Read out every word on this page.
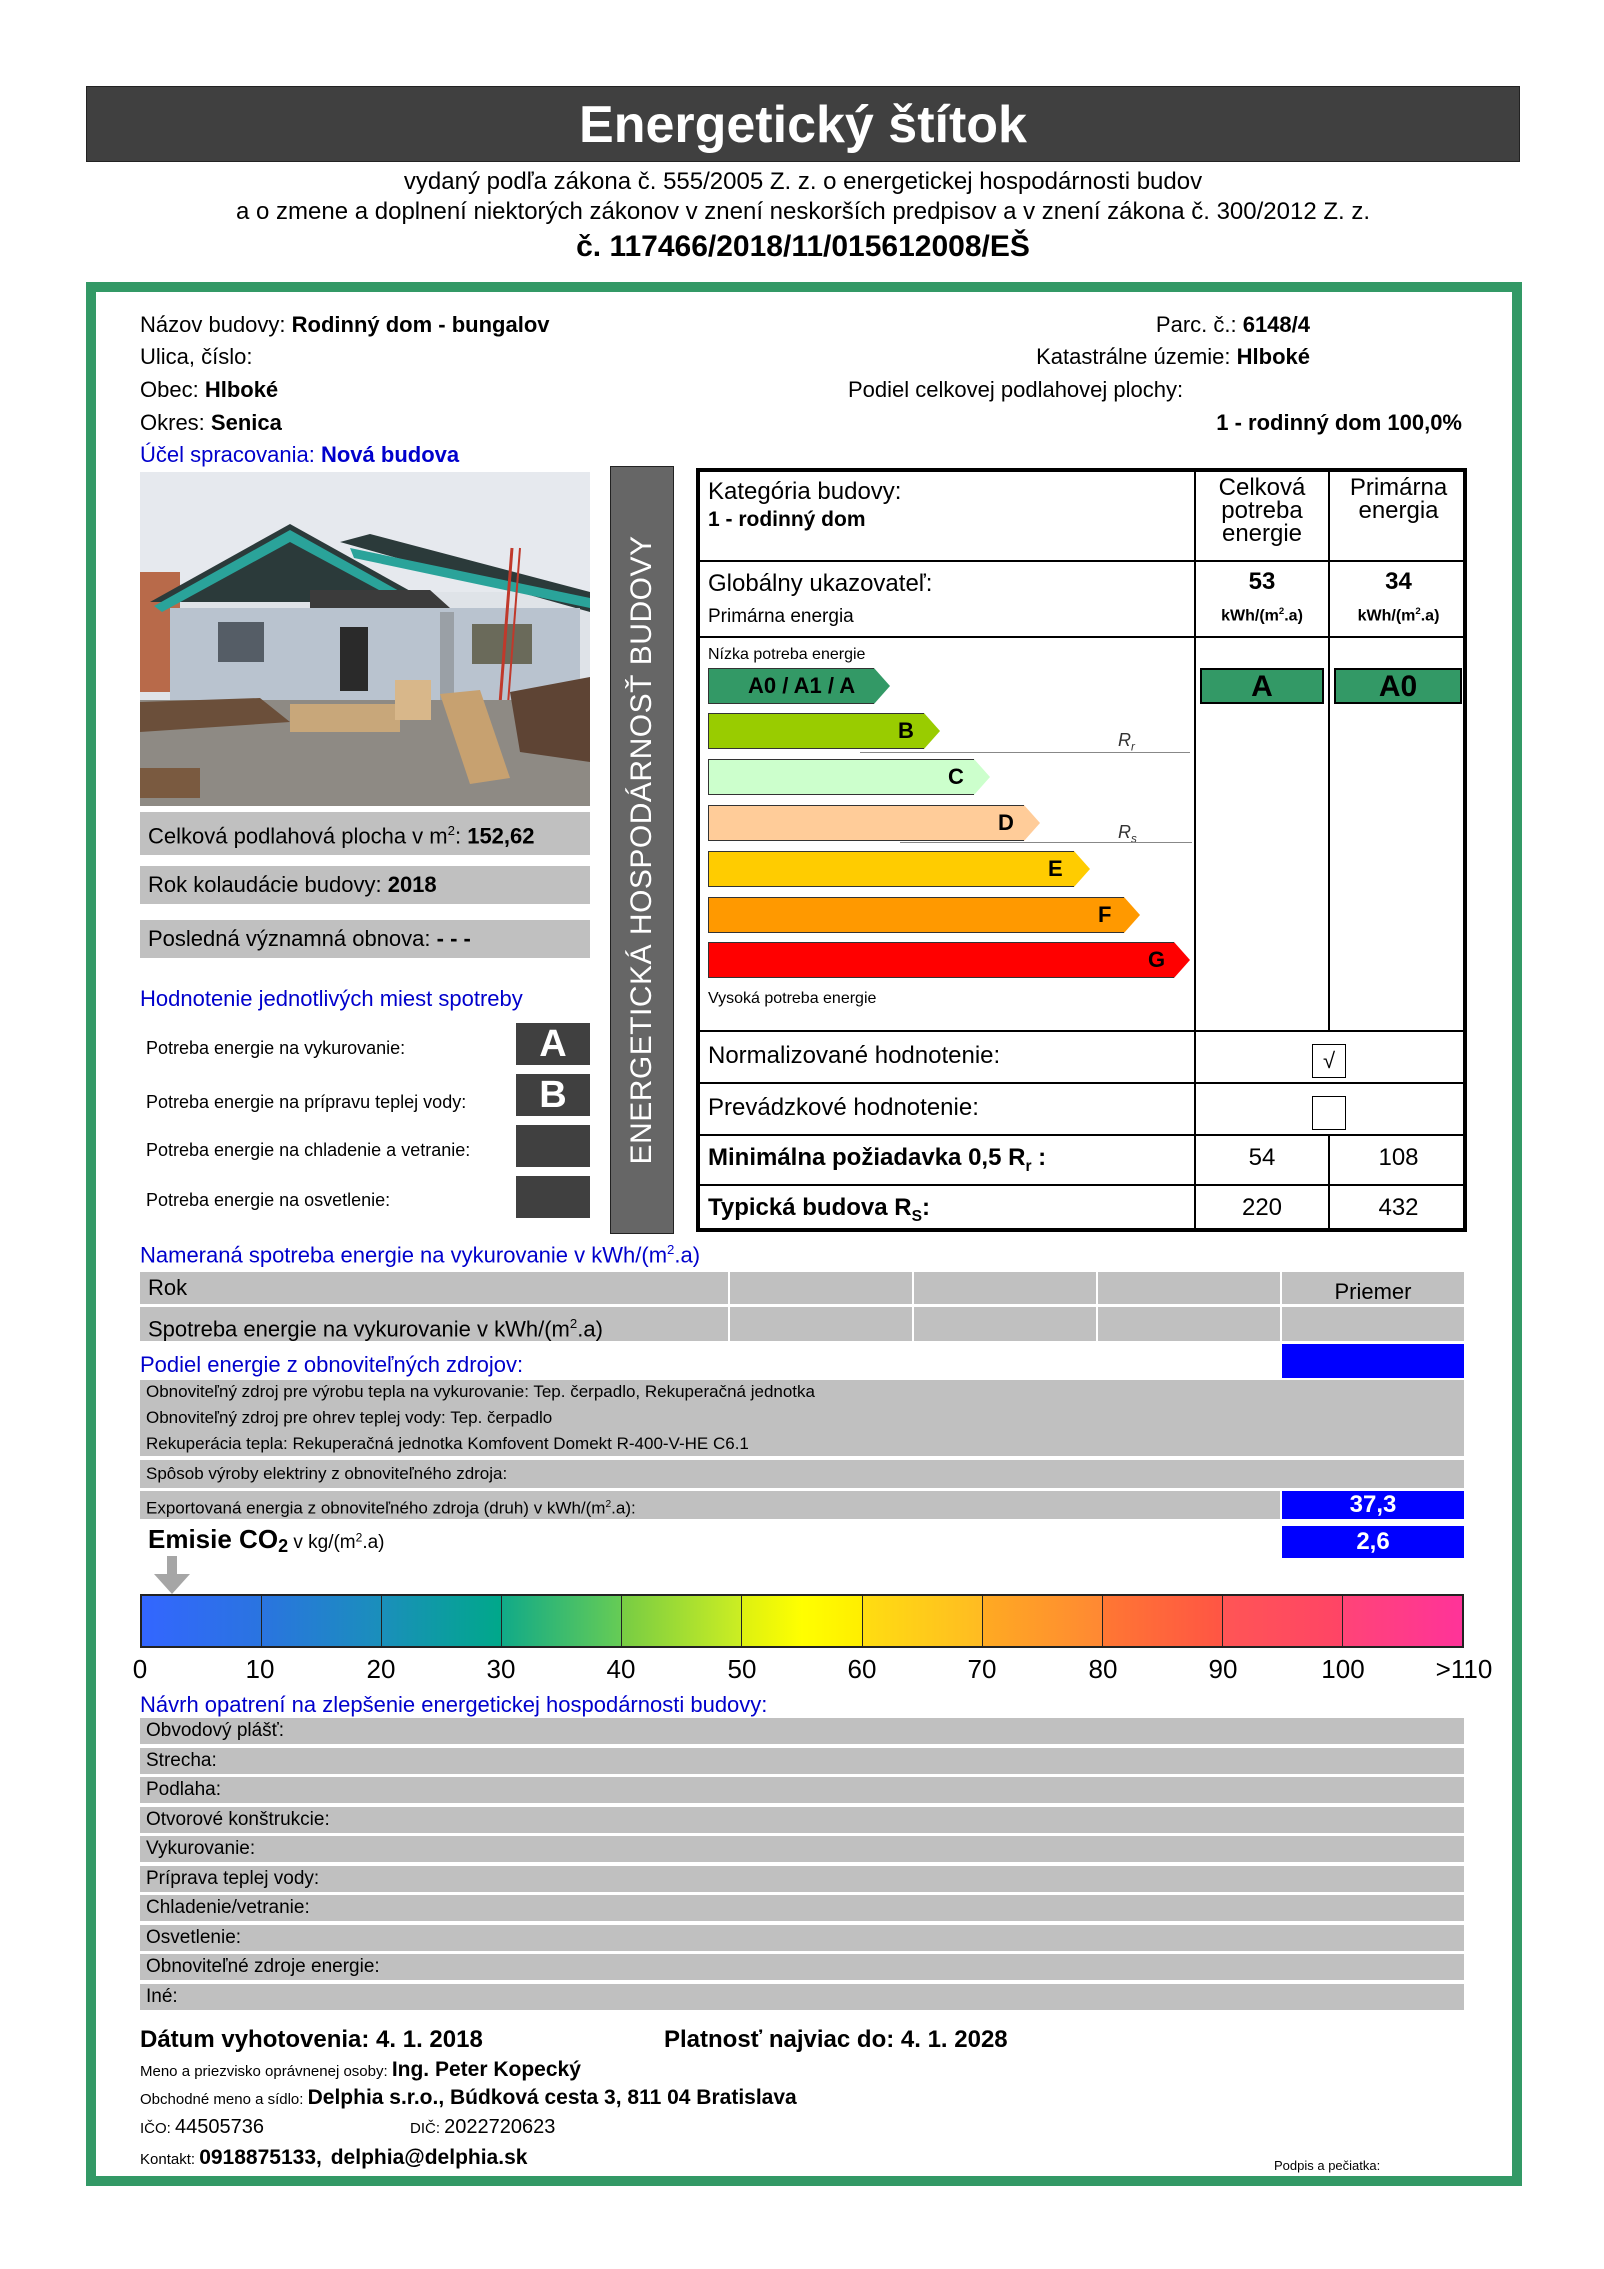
Energetický štítok
vydaný podľa zákona č. 555/2005 Z. z. o energetickej hospodárnosti budov
a o zmene a doplnení niektorých zákonov v znení neskorších predpisov a v znení zákona č. 300/2012 Z. z.
č. 117466/2018/11/015612008/EŠ
Názov budovy: Rodinný dom - bungalov
Ulica, číslo:
Obec: Hlboké
Okres: Senica
Účel spracovania: Nová budova
Parc. č.: 6148/4
Katastrálne územie: Hlboké
Podiel celkovej podlahovej plochy:
1 - rodinný dom 100,0%
Celková podlahová plocha v $m^2$: 152,62
Rok kolaudácie budovy: 2018
Posledná významná obnova: - - -
Hodnotenie jednotlivých miest spotreby
Potreba energie na vykurovanie:	A
Potreba energie na prípravu teplej vody:	B
Potreba energie na chladenie a vetranie:
Potreba energie na osvetlenie:
ENERGETICKÁ HOSPODÁRNOSŤ BUDOVY
Kategória budovy:
1 - rodinný dom
Celková
potreba
energie
Primárna
energia
Globálny ukazovateľ:
Primárna energia
53
kWh/$(m^2.a)$
34
kWh/$(m^2.a)$
Nízka potreba energie
A0 / A1 / A
B	$R_r$
C
D	$R_s$
E
F
G
Vysoká potreba energie
A	A0
Normalizované hodnotenie:	√
Prevádzkové hodnotenie:
Minimálna požiadavka 0,5 $R_r$ :	54	108
Typická budova $R_S$:	220	432
Nameraná spotreba energie na vykurovanie v kWh/$(m^2.a)$
Rok	Priemer
Spotreba energie na vykurovanie v kWh/$(m^2.a)$
Podiel energie z obnoviteľných zdrojov:
Obnoviteľný zdroj pre výrobu tepla na vykurovanie: Tep. čerpadlo, Rekuperačná jednotka
Obnoviteľný zdroj pre ohrev teplej vody: Tep. čerpadlo
Rekuperácia tepla: Rekuperačná jednotka Komfovent Domekt R-400-V-HE C6.1
Spôsob výroby elektriny z obnoviteľného zdroja:
Exportovaná energia z obnoviteľného zdroja (druh) v kWh/$(m^2.a)$:	37,3
Emisie $CO_2$ v $kg/(m^2.a)$	2,6
0	10	20	30	40	50	60	70	80	90	100	>110
Návrh opatrení na zlepšenie energetickej hospodárnosti budovy:
Obvodový plášť:
Strecha:
Podlaha:
Otvorové konštrukcie:
Vykurovanie:
Príprava teplej vody:
Chladenie/vetranie:
Osvetlenie:
Obnoviteľné zdroje energie:
Iné:
Dátum vyhotovenia: 4. 1. 2018	Platnosť najviac do: 4. 1. 2028
Meno a priezvisko oprávnenej osoby: Ing. Peter Kopecký
Obchodné meno a sídlo: Delphia s.r.o., Búdková cesta 3, 811 04 Bratislava
IČO: 44505736	DIČ: 2022720623
Kontakt: 0918875133, delphia@delphia.sk	Podpis a pečiatka:
